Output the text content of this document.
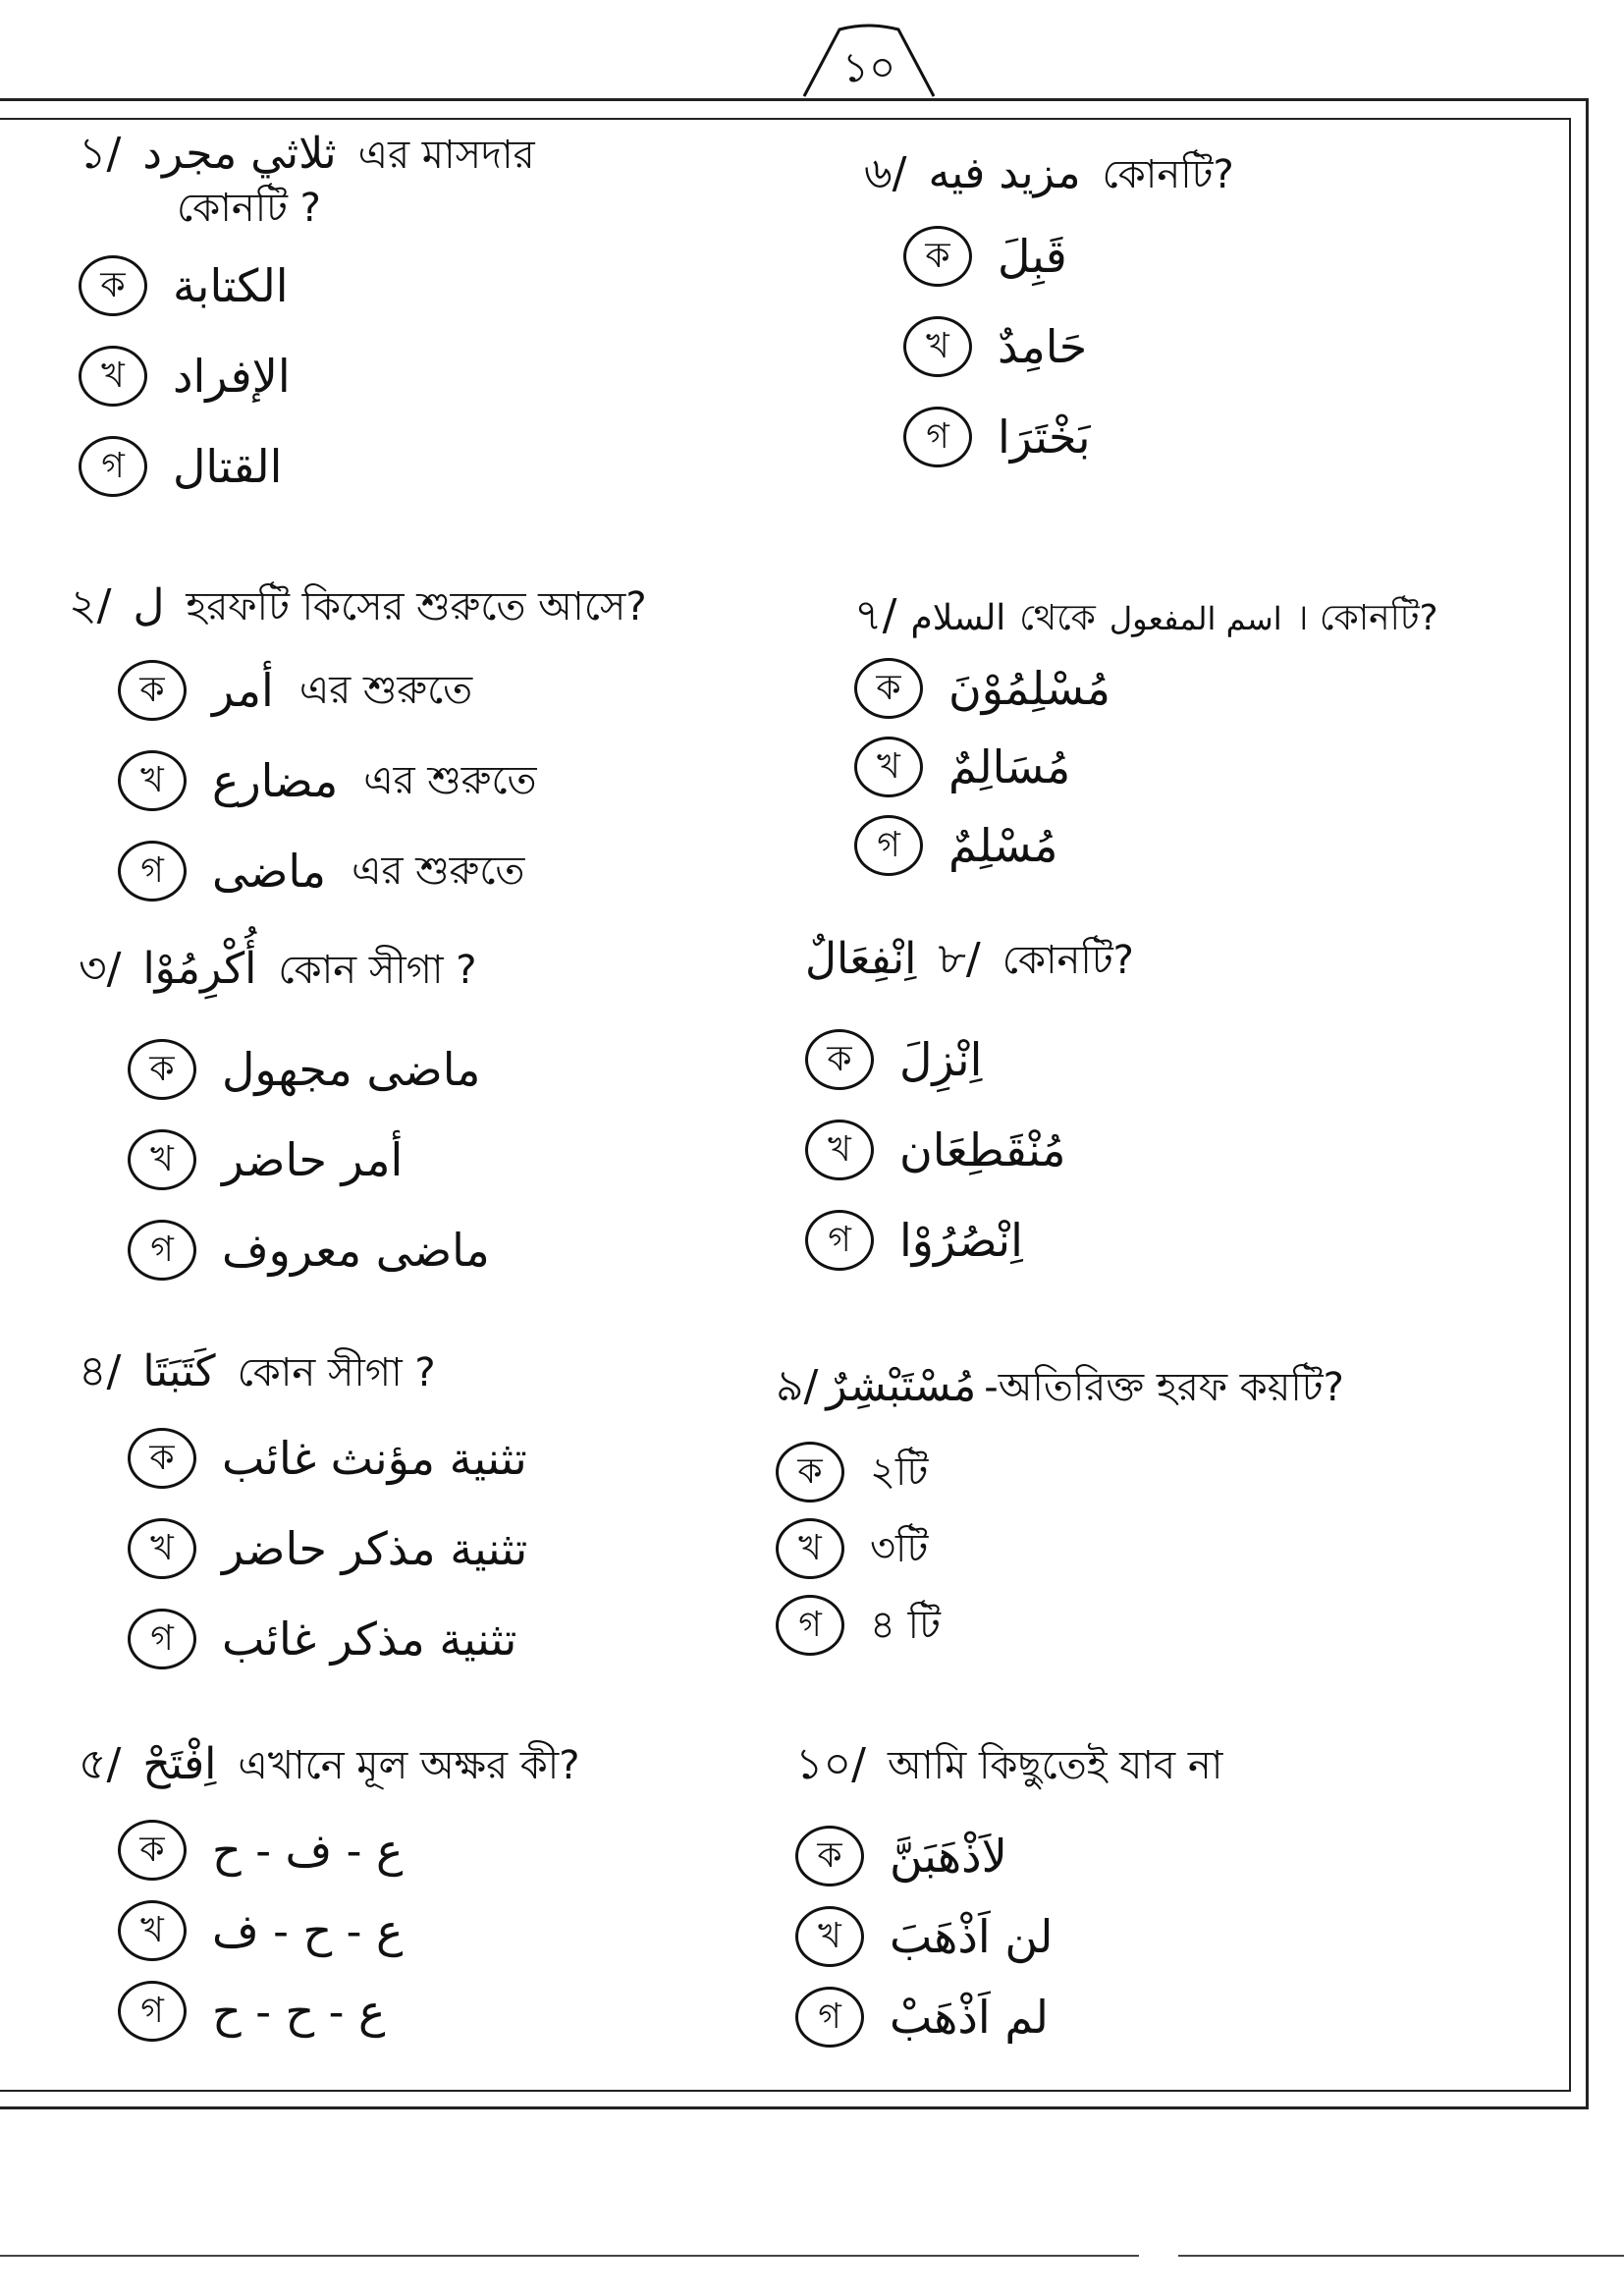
১০
১/ ثلاثي مجرد এর মাসদার
কোনটি ?
ক	الكتابة
খ	الإفراد
গ	القتال
৬/ مزيد فيه কোনটি?
ক	قَبِلَ
খ	حَامِدٌ
গ	بَخْتَرَا
২/ ل হরফটি কিসের শুরুতে আসে?
ক	أمر এর শুরুতে
খ	مضارع এর শুরুতে
গ	ماضى এর শুরুতে
৭/ السلام থেকে اسم المفعول । কোনটি?
ক	مُسْلِمُوْنَ
খ	مُسَالِمٌ
গ	مُسْلِمٌ
৩/ أُكْرِمُوْا কোন সীগা ?
ক	ماضى مجهول
খ	أمر حاضر
গ	ماضى معروف
اِنْفِعَالٌ ৮/ কোনটি?
ক	اِنْزِلَ
খ	مُنْقَطِعَان
গ	اِنْصُرُوْا
৪/ كَتَبَتَا কোন সীগা ?
ক	تثنية مؤنث غائب
খ	تثنية مذكر حاضر
গ	تثنية مذكر غائب
৯/ مُسْتَبْشِرٌ -অতিরিক্ত হরফ কয়টি?
ক	২টি
খ	৩টি
গ	৪ টি
৫/ اِفْتَحْ এখানে মূল অক্ষর কী?
ক	ع - ف - ح
খ	ع - ح - ف
গ	ع - ح - ح
১০/ আমি কিছুতেই যাব না
ক	لاَذْهَبَنَّ
খ	لن اَذْهَبَ
গ	لم اَذْهَبْ
